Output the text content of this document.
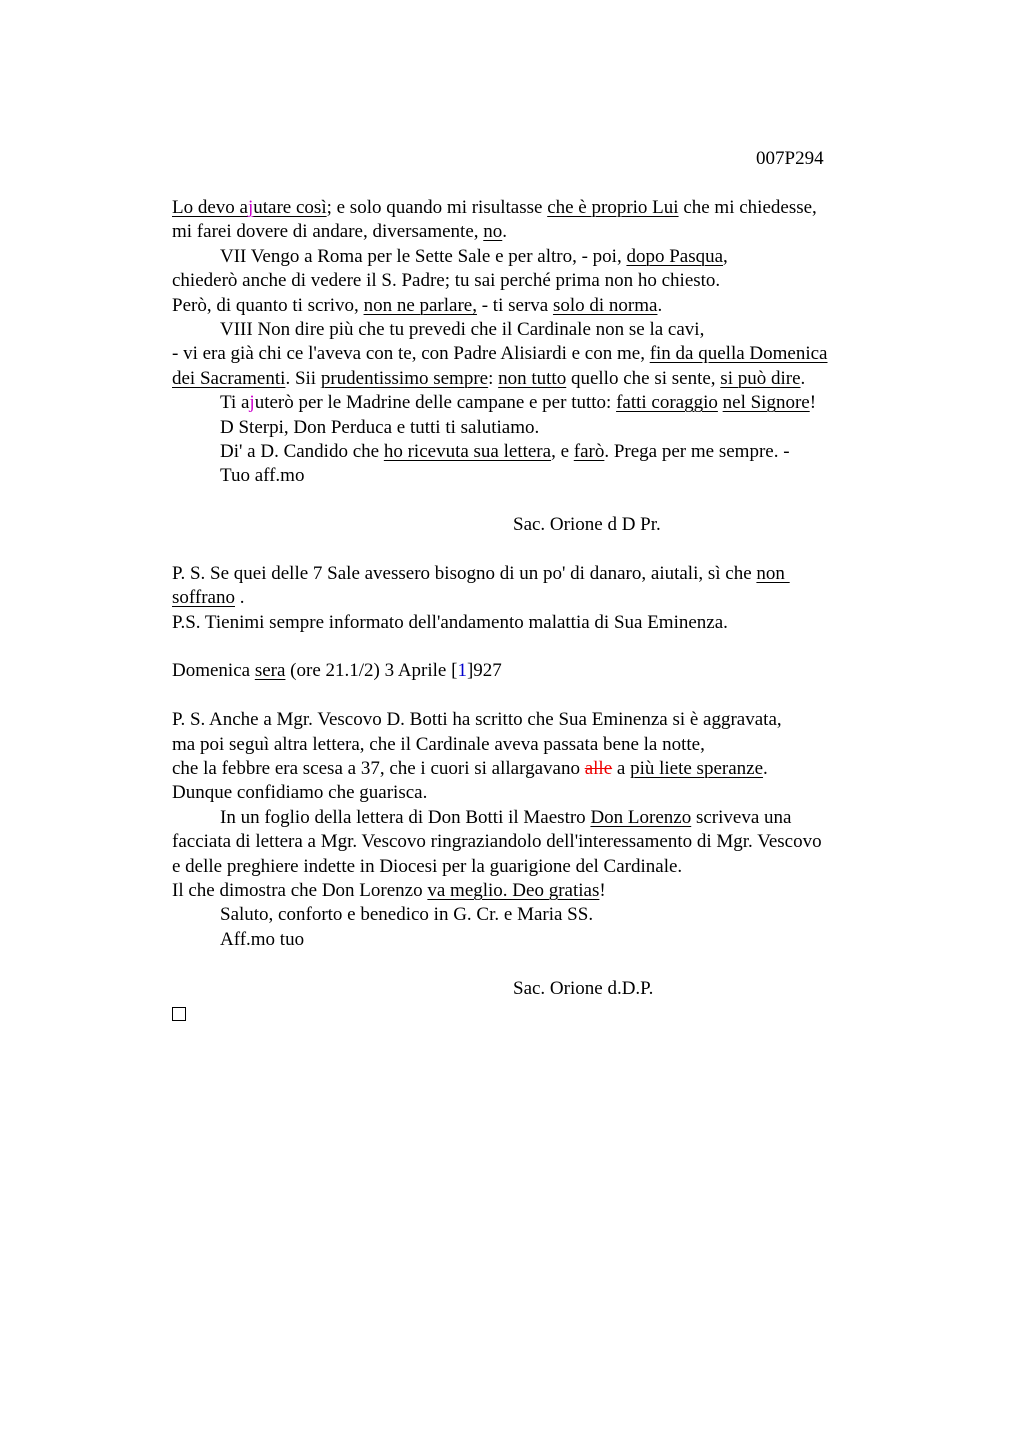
007P294
Lo devo ajutare così; e solo quando mi risultasse che è proprio Lui che mi chiedesse,
mi farei dovere di andare, diversamente, no.
VII Vengo a Roma per le Sette Sale e per altro, - poi, dopo Pasqua,
chiederò anche di vedere il S. Padre; tu sai perché prima non ho chiesto.
Però, di quanto ti scrivo, non ne parlare, - ti serva solo di norma.
VIII Non dire più che tu prevedi che il Cardinale non se la cavi,
- vi era già chi ce l'aveva con te, con Padre Alisiardi e con me, fin da quella Domenica
dei Sacramenti. Sii prudentissimo sempre: non tutto quello che si sente, si può dire.
Ti ajuterò per le Madrine delle campane e per tutto: fatti coraggio nel Signore!
D Sterpi, Don Perduca e tutti ti salutiamo.
Di' a D. Candido che ho ricevuta sua lettera, e farò. Prega per me sempre. -
Tuo aff.mo
Sac. Orione d D Pr.
P. S. Se quei delle 7 Sale avessero bisogno di un po' di danaro, aiutali, sì che non
soffrano .
P.S. Tienimi sempre informato dell'andamento malattia di Sua Eminenza.
Domenica sera (ore 21.1/2) 3 Aprile [1]927
P. S. Anche a Mgr. Vescovo D. Botti ha scritto che Sua Eminenza si è aggravata,
ma poi seguì altra lettera, che il Cardinale aveva passata bene la notte,
che la febbre era scesa a 37, che i cuori si allargavano alle a più liete speranze.
Dunque confidiamo che guarisca.
In un foglio della lettera di Don Botti il Maestro Don Lorenzo scriveva una
facciata di lettera a Mgr. Vescovo ringraziandolo dell'interessamento di Mgr. Vescovo
e delle preghiere indette in Diocesi per la guarigione del Cardinale.
Il che dimostra che Don Lorenzo va meglio. Deo gratias!
Saluto, conforto e benedico in G. Cr. e Maria SS.
Aff.mo tuo
Sac. Orione d.D.P.
